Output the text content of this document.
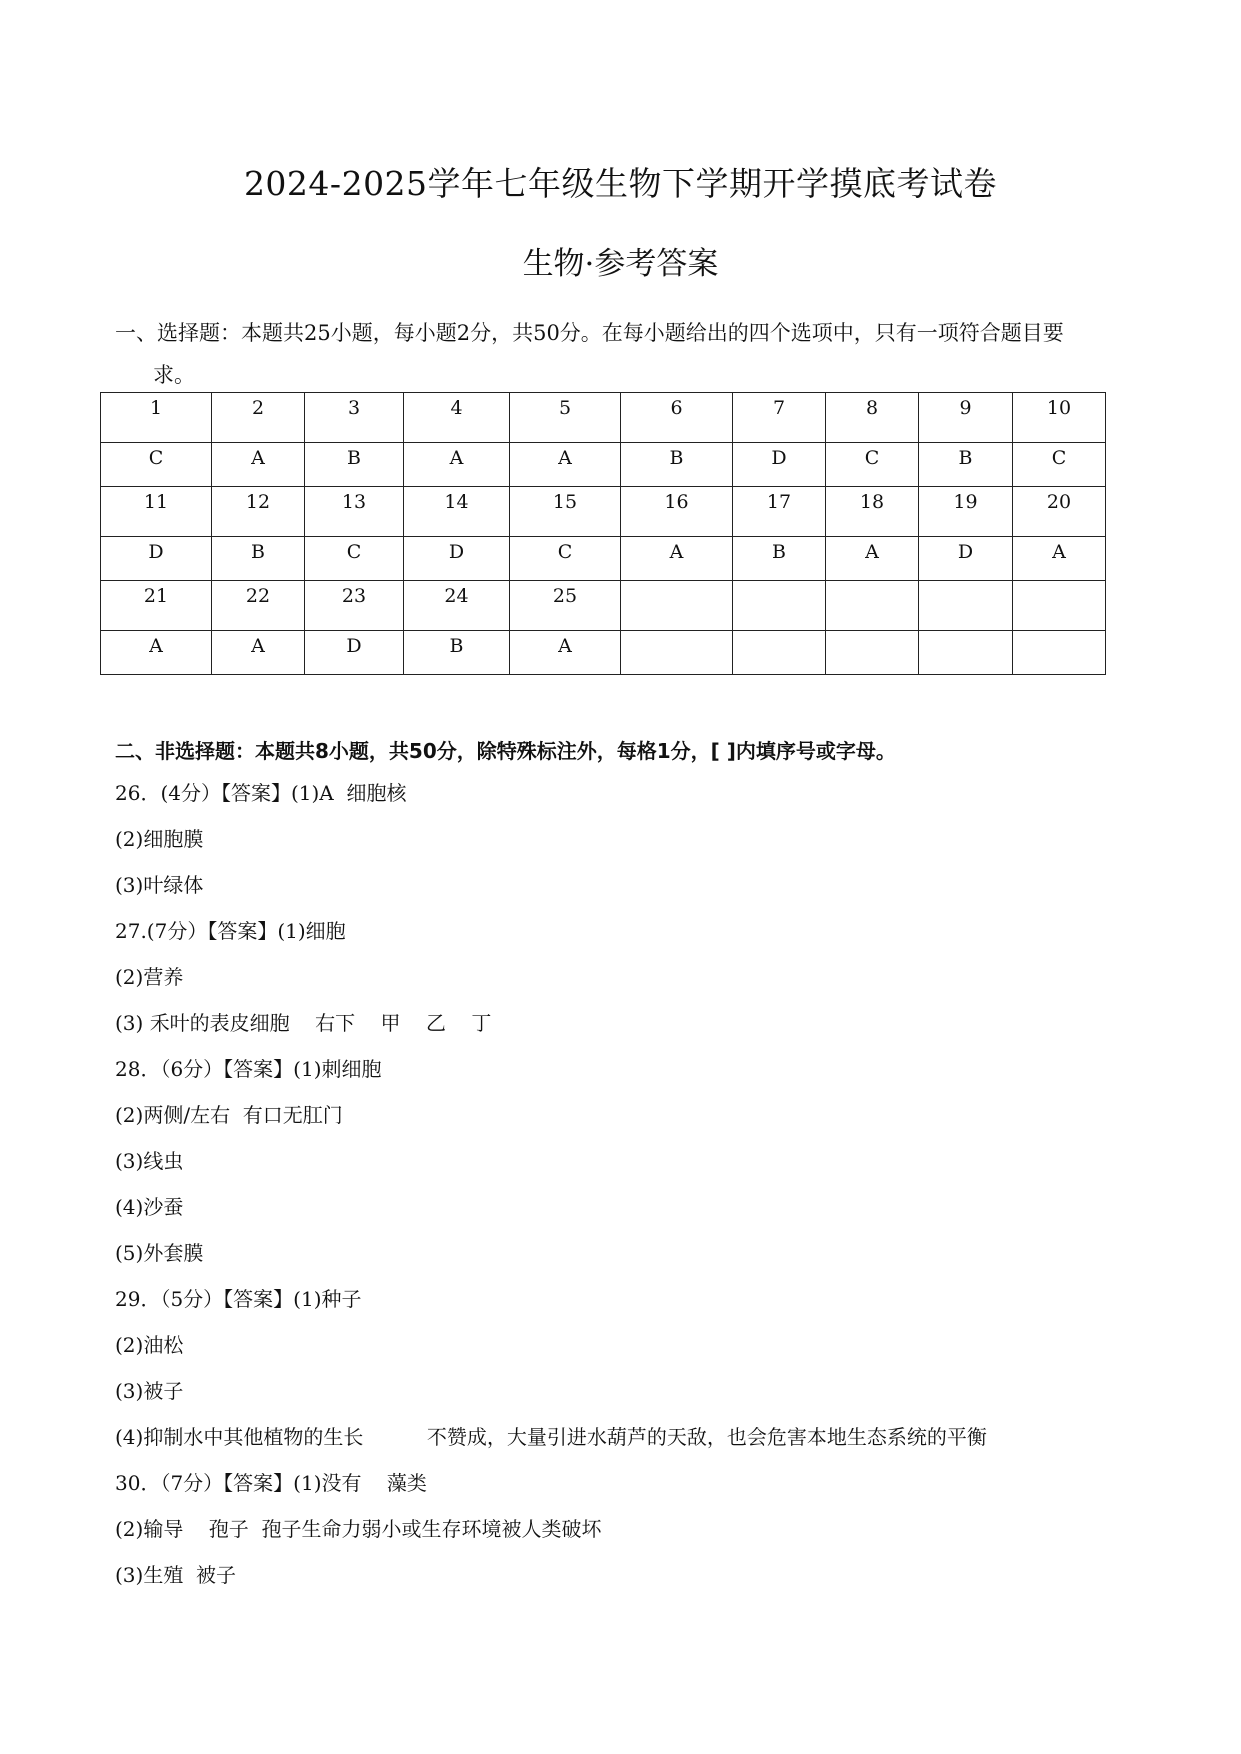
2024-2025学年七年级生物下学期开学摸底考试卷
生物·参考答案
一、选择题：本题共25小题，每小题2分，共50分。在每小题给出的四个选项中，只有一项符合题目要
求。
1	2	3	4	5	6	7	8	9	10
C	A	B	A	A	B	D	C	B	C
11	12	13	14	15	16	17	18	19	20
D	B	C	D	C	A	B	A	D	A
21	22	23	24	25					
A	A	D	B	A					
二、非选择题：本题共8小题，共50分，除特殊标注外，每格1分，[ ]内填序号或字母。
26．(4分）【答案】(1)A  细胞核
(2)细胞膜
(3)叶绿体
27.(7分）【答案】(1)细胞
(2)营养
(3) 禾叶的表皮细胞    右下    甲    乙    丁
28．（6分）【答案】(1)刺细胞
(2)两侧/左右  有口无肛门
(3)线虫
(4)沙蚕
(5)外套膜
29．（5分）【答案】(1)种子
(2)油松
(3)被子
(4)抑制水中其他植物的生长          不赞成，大量引进水葫芦的天敌，也会危害本地生态系统的平衡
30．（7分）【答案】(1)没有    藻类
(2)输导    孢子  孢子生命力弱小或生存环境被人类破坏
(3)生殖  被子
